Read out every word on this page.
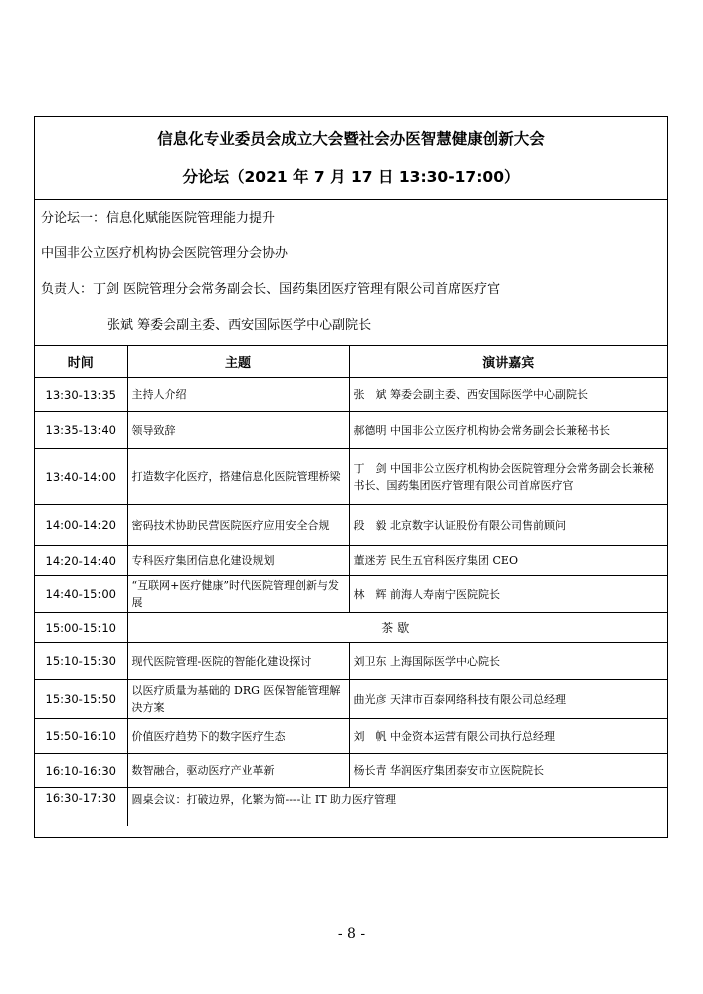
信息化专业委员会成立大会暨社会办医智慧健康创新大会
分论坛（2021 年 7 月 17 日 13:30-17:00）
分论坛一：信息化赋能医院管理能力提升
中国非公立医疗机构协会医院管理分会协办
负责人：丁剑 医院管理分会常务副会长、国药集团医疗管理有限公司首席医疗官
张斌 筹委会副主委、西安国际医学中心副院长
时间	主题	演讲嘉宾
13:30-13:35	主持人介绍	张　斌 筹委会副主委、西安国际医学中心副院长
13:35-13:40	领导致辞	郝德明 中国非公立医疗机构协会常务副会长兼秘书长
13:40-14:00	打造数字化医疗，搭建信息化医院管理桥梁	丁　剑 中国非公立医疗机构协会医院管理分会常务副会长兼秘书长、国药集团医疗管理有限公司首席医疗官
14:00-14:20	密码技术协助民营医院医疗应用安全合规	段　毅 北京数字认证股份有限公司售前顾问
14:20-14:40	专科医疗集团信息化建设规划	董迷芳 民生五官科医疗集团 CEO
14:40-15:00	“互联网+医疗健康”时代医院管理创新与发展	林　辉 前海人寿南宁医院院长
15:00-15:10	茶歇	
15:10-15:30	现代医院管理-医院的智能化建设探讨	刘卫东 上海国际医学中心院长
15:30-15:50	以医疗质量为基础的 DRG 医保智能管理解决方案	曲光彦 天津市百泰网络科技有限公司总经理
15:50-16:10	价值医疗趋势下的数字医疗生态	刘　帆 中金资本运营有限公司执行总经理
16:10-16:30	数智融合，驱动医疗产业革新	杨长青 华润医疗集团泰安市立医院院长
16:30-17:30	圆桌会议：打破边界，化繁为简----让 IT 助力医疗管理	
- 8 -
